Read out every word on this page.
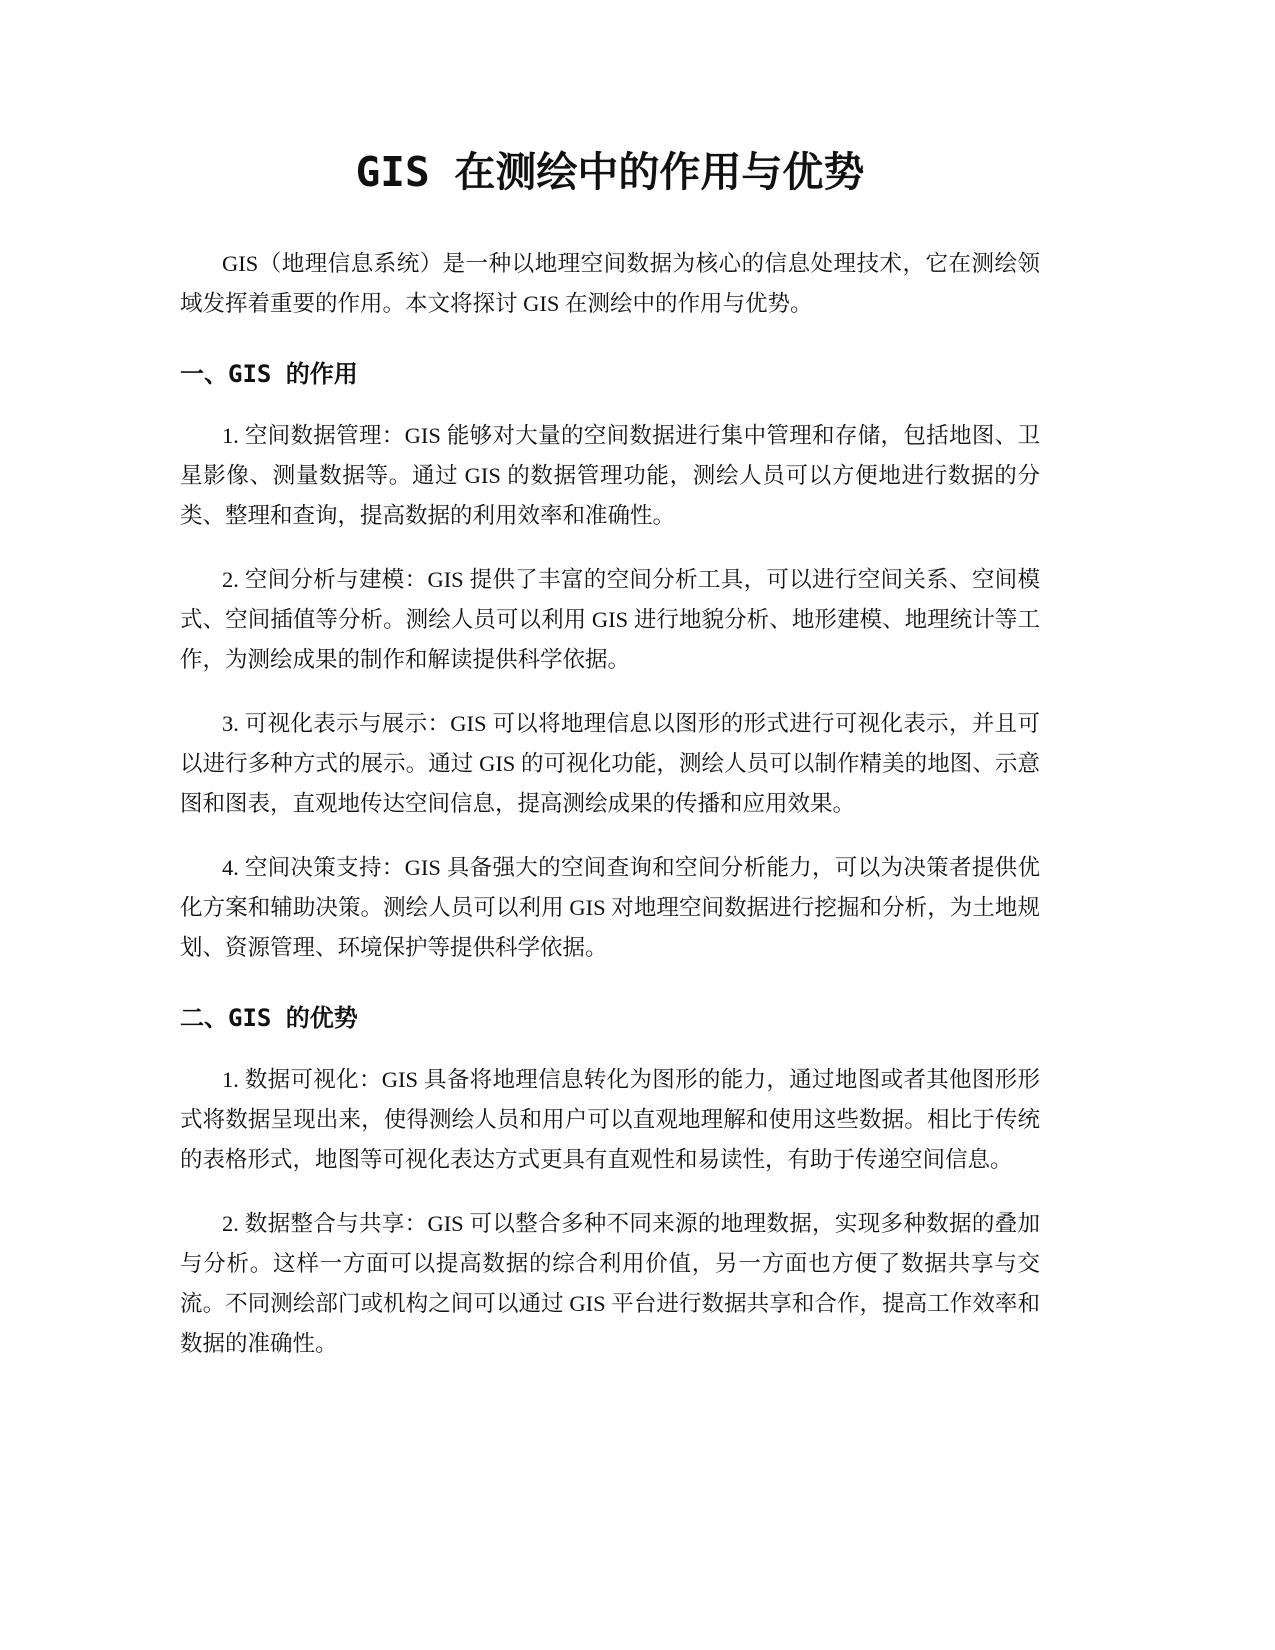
GIS 在测绘中的作用与优势

GIS（地理信息系统）是一种以地理空间数据为核心的信息处理技术，它在测绘领域发挥着重要的作用。本文将探讨 GIS 在测绘中的作用与优势。

一、GIS 的作用

1. 空间数据管理：GIS 能够对大量的空间数据进行集中管理和存储，包括地图、卫星影像、测量数据等。通过 GIS 的数据管理功能，测绘人员可以方便地进行数据的分类、整理和查询，提高数据的利用效率和准确性。

2. 空间分析与建模：GIS 提供了丰富的空间分析工具，可以进行空间关系、空间模式、空间插值等分析。测绘人员可以利用 GIS 进行地貌分析、地形建模、地理统计等工作，为测绘成果的制作和解读提供科学依据。

3. 可视化表示与展示：GIS 可以将地理信息以图形的形式进行可视化表示，并且可以进行多种方式的展示。通过 GIS 的可视化功能，测绘人员可以制作精美的地图、示意图和图表，直观地传达空间信息，提高测绘成果的传播和应用效果。

4. 空间决策支持：GIS 具备强大的空间查询和空间分析能力，可以为决策者提供优化方案和辅助决策。测绘人员可以利用 GIS 对地理空间数据进行挖掘和分析，为土地规划、资源管理、环境保护等提供科学依据。

二、GIS 的优势

1. 数据可视化：GIS 具备将地理信息转化为图形的能力，通过地图或者其他图形形式将数据呈现出来，使得测绘人员和用户可以直观地理解和使用这些数据。相比于传统的表格形式，地图等可视化表达方式更具有直观性和易读性，有助于传递空间信息。

2. 数据整合与共享：GIS 可以整合多种不同来源的地理数据，实现多种数据的叠加与分析。这样一方面可以提高数据的综合利用价值，另一方面也方便了数据共享与交流。不同测绘部门或机构之间可以通过 GIS 平台进行数据共享和合作，提高工作效率和数据的准确性。
